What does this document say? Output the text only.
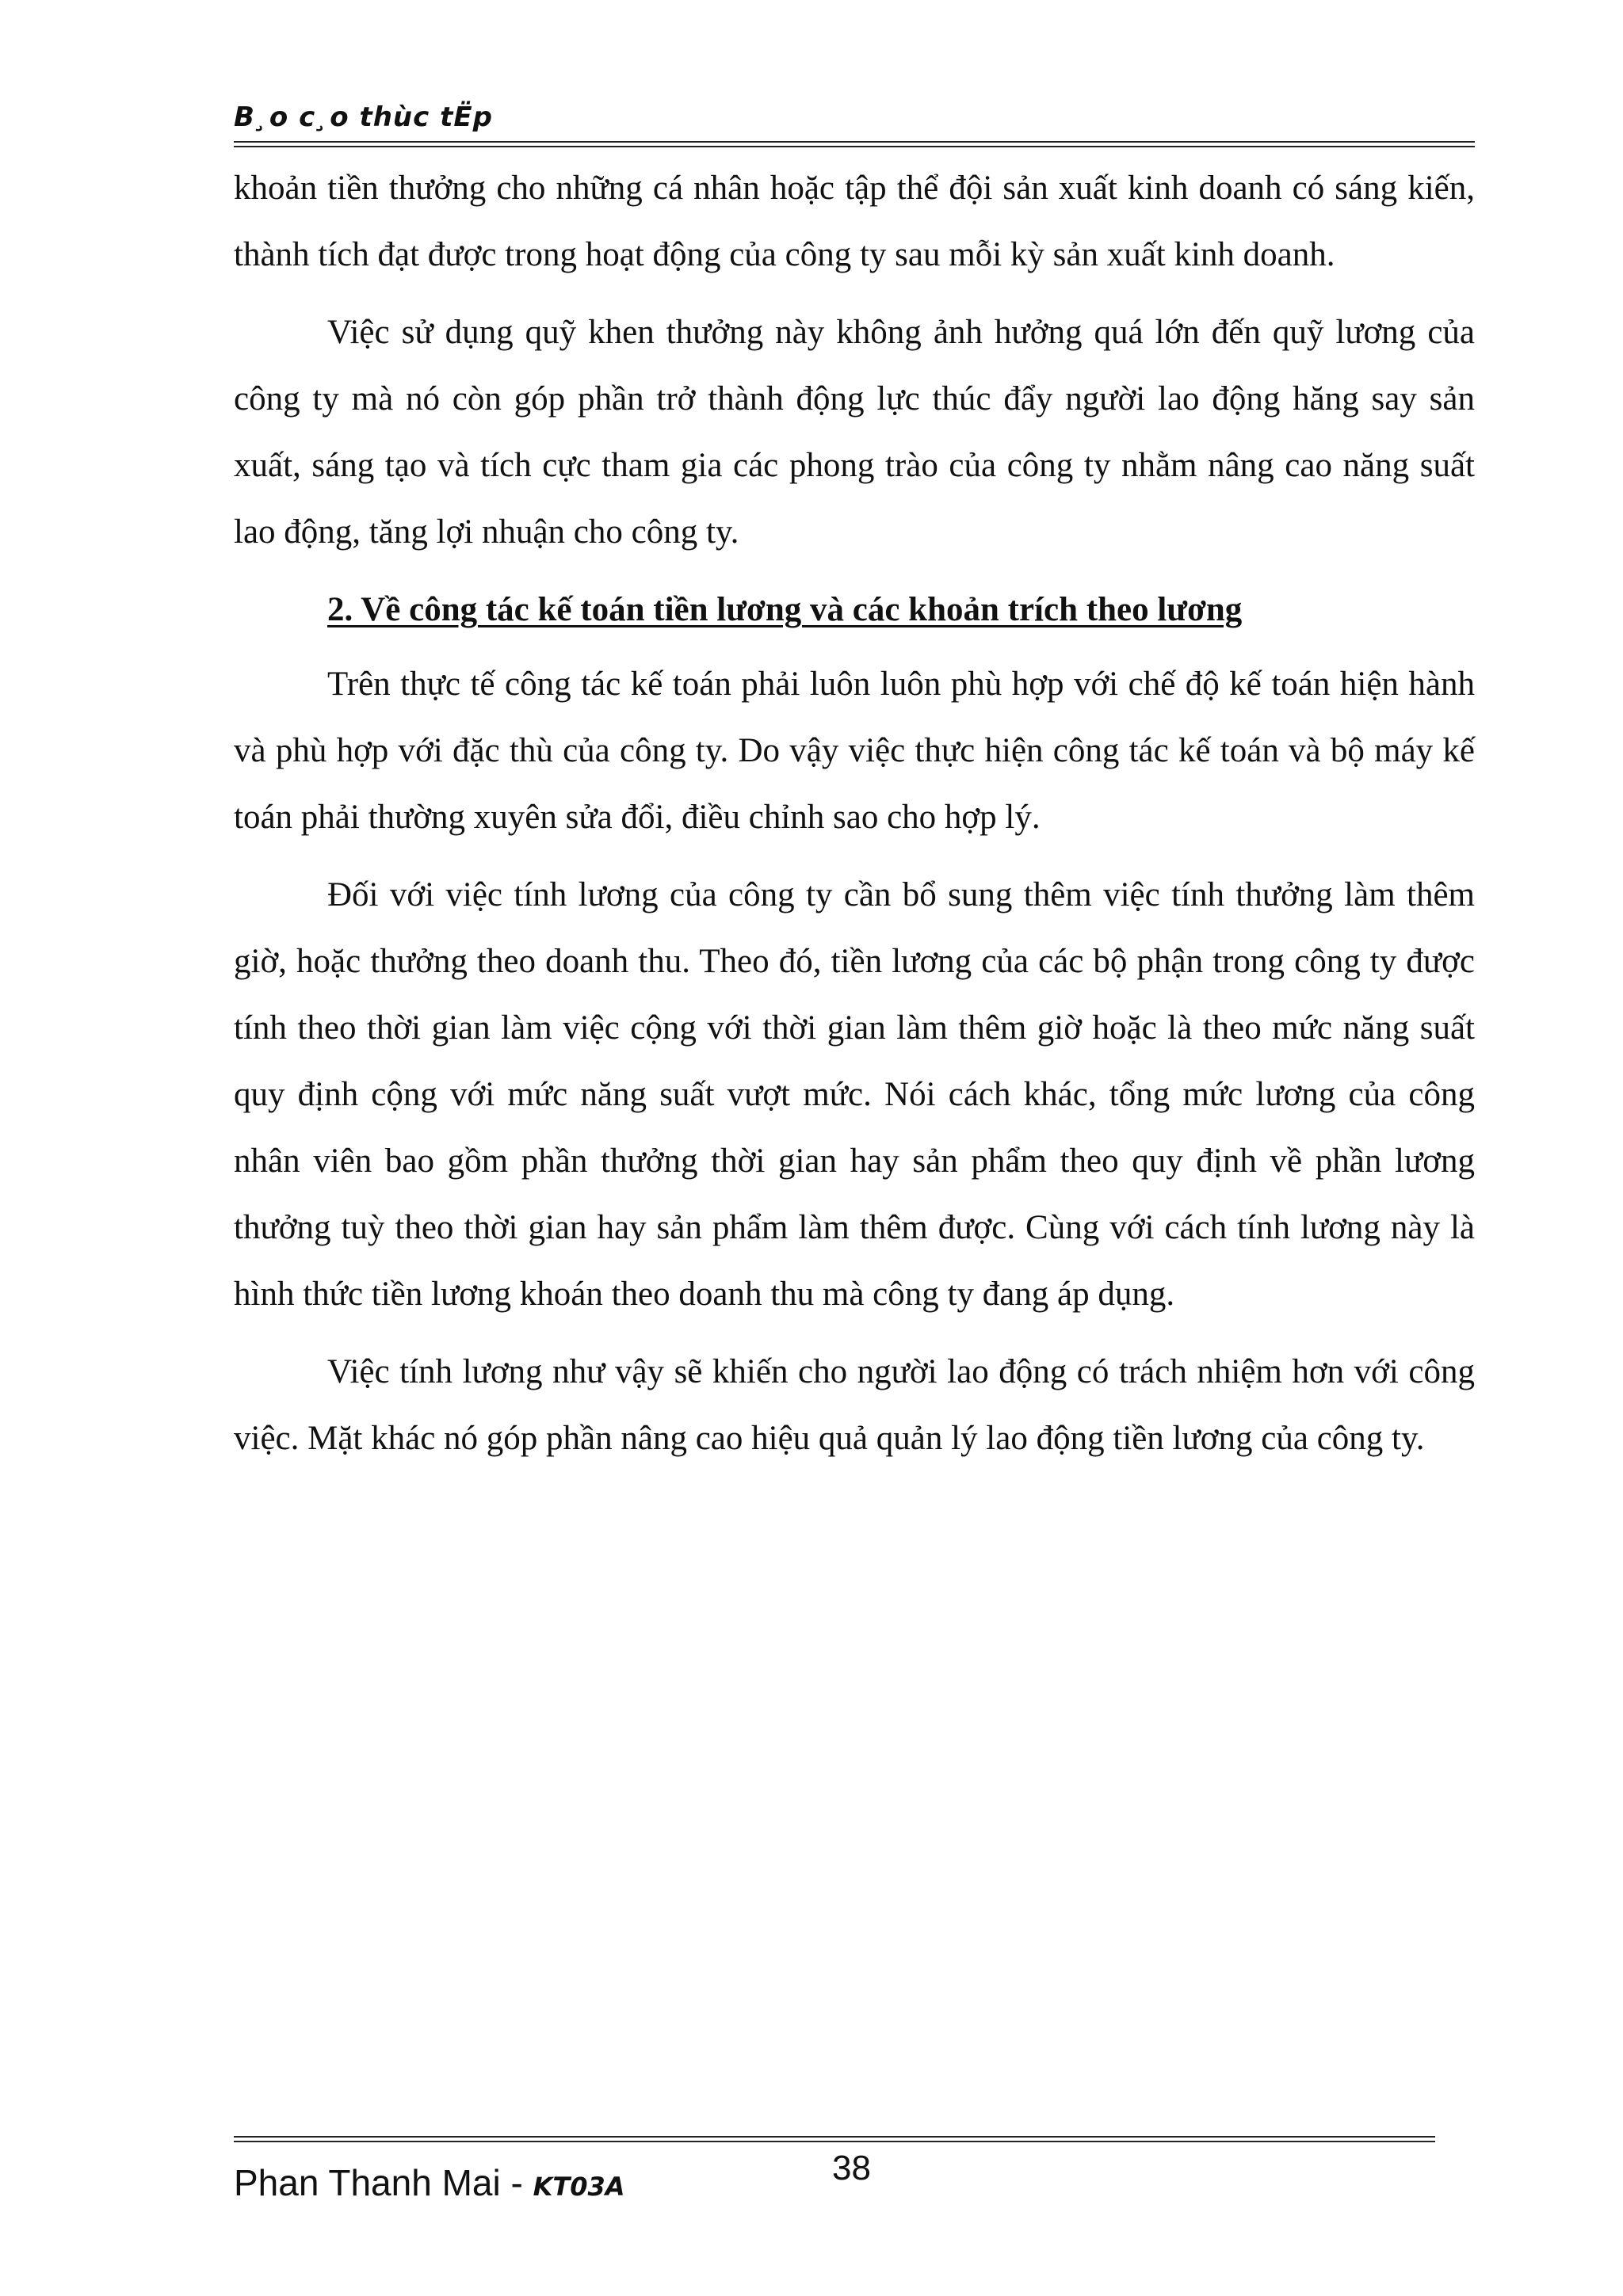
B¸o c¸o thùc tËp

khoản tiền thưởng cho những cá nhân hoặc tập thể đội sản xuất kinh doanh có sáng kiến, thành tích đạt được trong hoạt động của công ty sau mỗi kỳ sản xuất kinh doanh.

Việc sử dụng quỹ khen thưởng này không ảnh hưởng quá lớn đến quỹ lương của công ty mà nó còn góp phần trở thành động lực thúc đẩy người lao động hăng say sản xuất, sáng tạo và tích cực tham gia các phong trào của công ty nhằm nâng cao năng suất lao động, tăng lợi nhuận cho công ty.

2. Về công tác kế toán tiền lương và các khoản trích theo lương

Trên thực tế công tác kế toán phải luôn luôn phù hợp với chế độ kế toán hiện hành và phù hợp với đặc thù của công ty. Do vậy việc thực hiện công tác kế toán và bộ máy kế toán phải thường xuyên sửa đổi, điều chỉnh sao cho hợp lý.

Đối với việc tính lương của công ty cần bổ sung thêm việc tính thưởng làm thêm giờ, hoặc thưởng theo doanh thu. Theo đó, tiền lương của các bộ phận trong công ty được tính theo thời gian làm việc cộng với thời gian làm thêm giờ hoặc là theo mức năng suất quy định cộng với mức năng suất vượt mức. Nói cách khác, tổng mức lương của công nhân viên bao gồm phần thưởng thời gian hay sản phẩm theo quy định về phần lương thưởng tuỳ theo thời gian hay sản phẩm làm thêm được. Cùng với cách tính lương này là hình thức tiền lương khoán theo doanh thu mà công ty đang áp dụng.

Việc tính lương như vậy sẽ khiến cho người lao động có trách nhiệm hơn với công việc. Mặt khác nó góp phần nâng cao hiệu quả quản lý lao động tiền lương của công ty.

Phan Thanh Mai - KT03A	38
